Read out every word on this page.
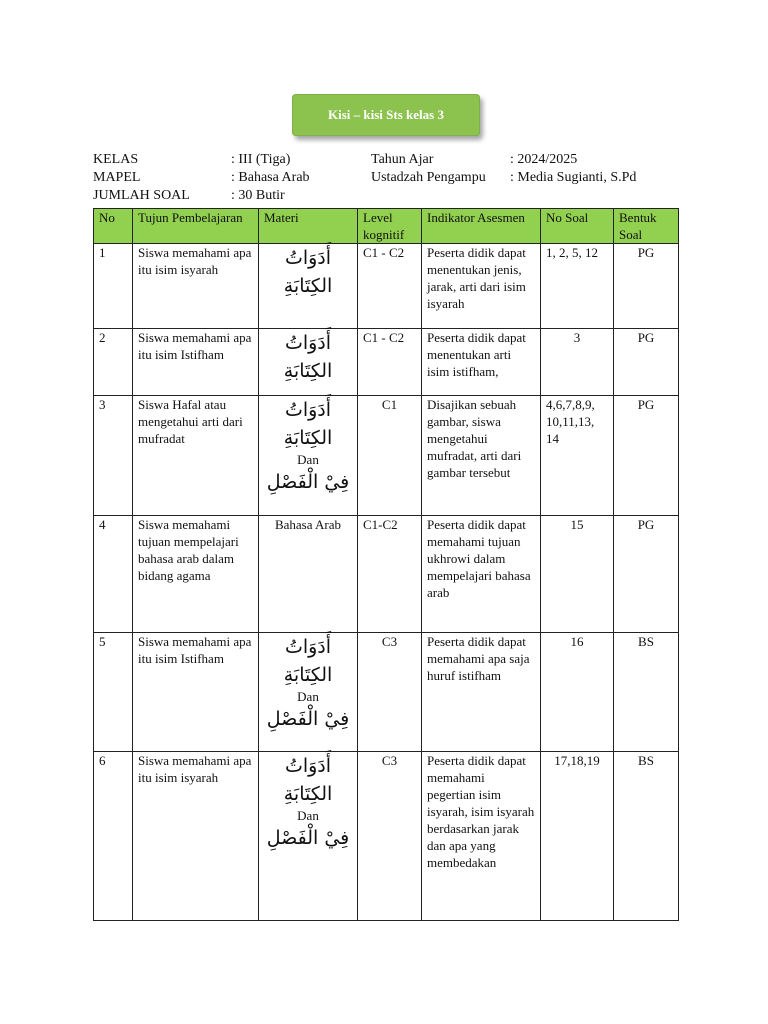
Kisi – kisi Sts kelas 3
KELAS	: III (Tiga)	Tahun Ajar	: 2024/2025
MAPEL	: Bahasa Arab	Ustadzah Pengampu	: Media Sugianti, S.Pd
JUMLAH SOAL	: 30 Butir
No	Tujun Pembelajaran	Materi	Level kognitif	Indikator Asesmen	No Soal	Bentuk Soal
1	Siswa memahami apa itu isim isyarah	أَدَوَاتُ الكِتَابَةِ	C1 - C2	Peserta didik dapat menentukan jenis, jarak, arti dari isim isyarah	1, 2, 5, 12	PG
2	Siswa memahami apa itu isim Istifham	أَدَوَاتُ الكِتَابَةِ	C1 - C2	Peserta didik dapat menentukan arti isim istifham,	3	PG
3	Siswa Hafal atau mengetahui arti dari mufradat	أَدَوَاتُ الكِتَابَةِ
Dan
فِيْ الْفَصْلِ	C1	Disajikan sebuah gambar, siswa mengetahui mufradat, arti dari gambar tersebut	4,6,7,8,9, 10,11,13, 14	PG
4	Siswa memahami tujuan mempelajari bahasa arab dalam bidang agama	Bahasa Arab	C1-C2	Peserta didik dapat memahami tujuan ukhrowi dalam mempelajari bahasa arab	15	PG
5	Siswa memahami apa itu isim Istifham	أَدَوَاتُ الكِتَابَةِ
Dan
فِيْ الْفَصْلِ	C3	Peserta didik dapat memahami apa saja huruf istifham	16	BS
6	Siswa memahami apa itu isim isyarah	أَدَوَاتُ الكِتَابَةِ
Dan
فِيْ الْفَصْلِ	C3	Peserta didik dapat memahami pegertian isim isyarah, isim isyarah berdasarkan jarak dan apa yang membedakan	17,18,19	BS
